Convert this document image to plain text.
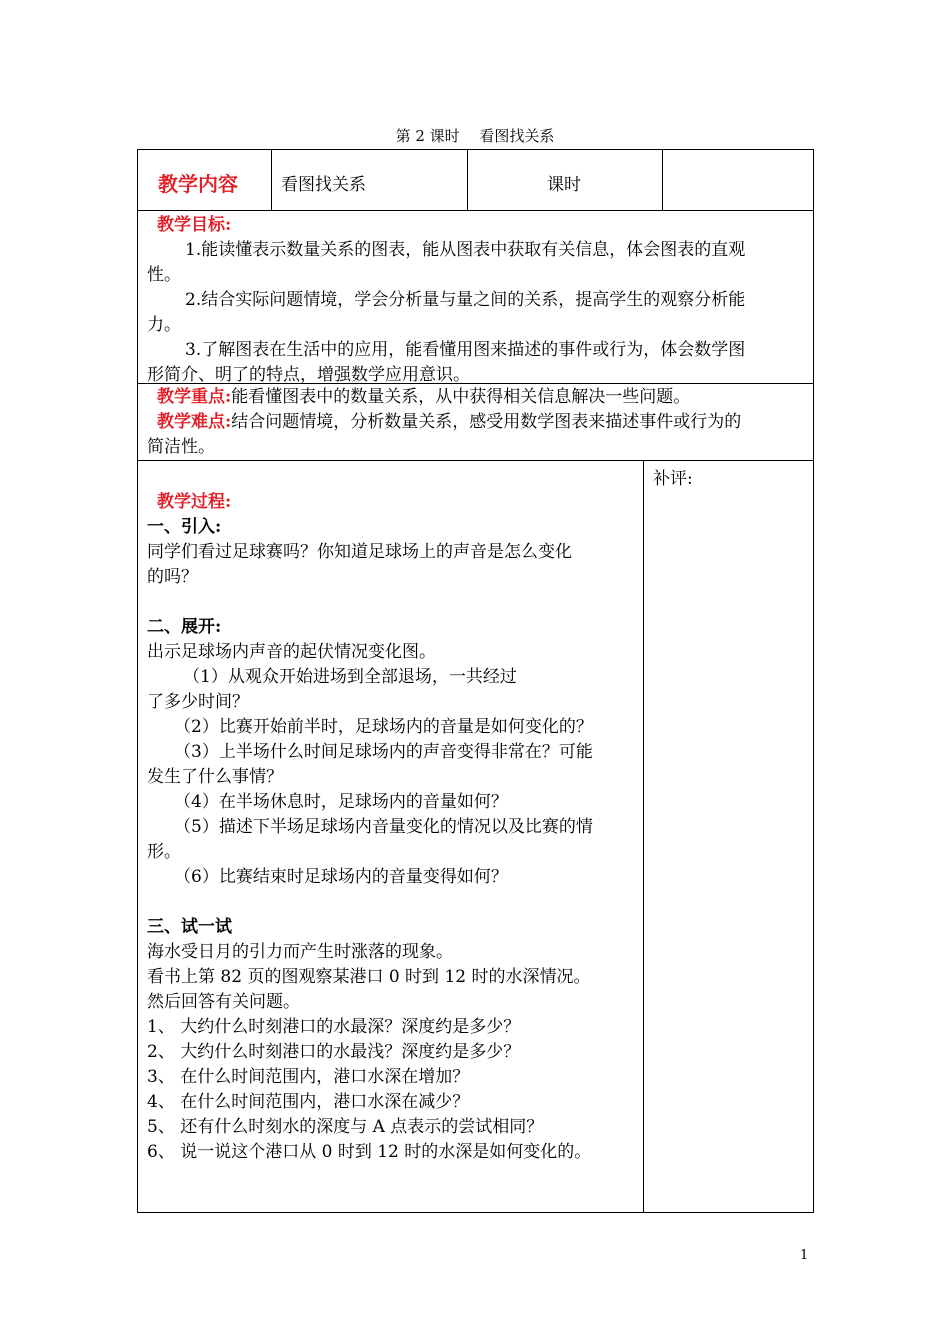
第 2 课时　 看图找关系
教学内容	看图找关系	课时
教学目标:
1.能读懂表示数量关系的图表，能从图表中获取有关信息，体会图表的直观
性。
2.结合实际问题情境，学会分析量与量之间的关系，提高学生的观察分析能
力。
3.了解图表在生活中的应用，能看懂用图来描述的事件或行为，体会数学图
形简介、明了的特点，增强数学应用意识。
教学重点:能看懂图表中的数量关系，从中获得相关信息解决一些问题。
教学难点:结合问题情境，分析数量关系，感受用数学图表来描述事件或行为的
简洁性。
补评:
教学过程:
一、引入:
同学们看过足球赛吗？你知道足球场上的声音是怎么变化
的吗？
二、展开:
出示足球场内声音的起伏情况变化图。
（1）从观众开始进场到全部退场，一共经过
了多少时间？
（2）比赛开始前半时，足球场内的音量是如何变化的？
（3）上半场什么时间足球场内的声音变得非常在？可能
发生了什么事情？
（4）在半场休息时，足球场内的音量如何？
（5）描述下半场足球场内音量变化的情况以及比赛的情
形。
（6）比赛结束时足球场内的音量变得如何？
三、试一试
海水受日月的引力而产生时涨落的现象。
看书上第 82 页的图观察某港口 0 时到 12 时的水深情况。
然后回答有关问题。
1、 大约什么时刻港口的水最深？深度约是多少？
2、 大约什么时刻港口的水最浅？深度约是多少？
3、 在什么时间范围内，港口水深在增加？
4、 在什么时间范围内，港口水深在减少？
5、 还有什么时刻水的深度与 A 点表示的尝试相同？
6、 说一说这个港口从 0 时到 12 时的水深是如何变化的。
1
